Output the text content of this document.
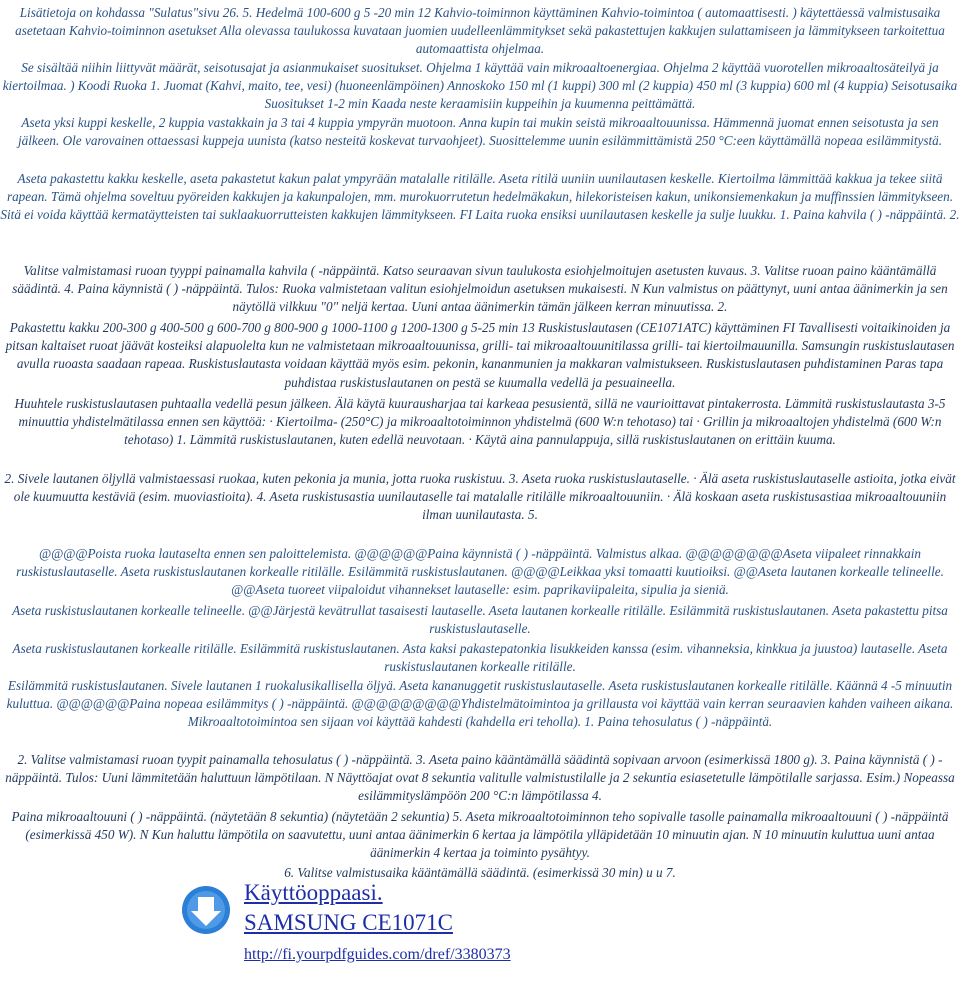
Lisätietoja on kohdassa "Sulatus"sivu 26. 5. Hedelmä 100-600 g 5 -20 min 12 Kahvio-toiminnon käyttäminen Kahvio-toimintoa ( automaattisesti. ) käytettäessä valmistusaika asetetaan Kahvio-toiminnon asetukset Alla olevassa taulukossa kuvataan juomien uudelleenlämmitykset sekä pakastettujen kakkujen sulattamiseen ja lämmitykseen tarkoitettua automaattista ohjelmaa.
Se sisältää niihin liittyvät määrät, seisotusajat ja asianmukaiset suositukset. Ohjelma 1 käyttää vain mikroaaltoenergiaa. Ohjelma 2 käyttää vuorotellen mikroaaltosäteilyä ja kiertoilmaa. ) Koodi Ruoka 1. Juomat (Kahvi, maito, tee, vesi) (huoneenlämpöinen) Annoskoko 150 ml (1 kuppi) 300 ml (2 kuppia) 450 ml (3 kuppia) 600 ml (4 kuppia) Seisotusaika Suositukset 1-2 min Kaada neste keraamisiin kuppeihin ja kuumenna peittämättä.
Aseta yksi kuppi keskelle, 2 kuppia vastakkain ja 3 tai 4 kuppia ympyrän muotoon. Anna kupin tai mukin seistä mikroaaltouunissa. Hämmennä juomat ennen seisotusta ja sen jälkeen. Ole varovainen ottaessasi kuppeja uunista (katso nesteitä koskevat turvaohjeet). Suosittelemme uunin esilämmittämistä 250 °C:een käyttämällä nopeaa esilämmitystä.
Aseta pakastettu kakku keskelle, aseta pakastetut kakun palat ympyrään matalalle ritilälle. Aseta ritilä uuniin uunilautasen keskelle. Kiertoilma lämmittää kakkua ja tekee siitä rapean. Tämä ohjelma soveltuu pyöreiden kakkujen ja kakunpalojen, mm. murokuorrutetun hedelmäkakun, hilekoristeisen kakun, unikonsiemenkakun ja muffinssien lämmitykseen. Sitä ei voida käyttää kermatäytteisten tai suklaakuorrutteisten kakkujen lämmitykseen. FI Laita ruoka ensiksi uunilautasen keskelle ja sulje luukku. 1. Paina kahvila ( ) -näppäintä. 2.
Valitse valmistamasi ruoan tyyppi painamalla kahvila ( -näppäintä. Katso seuraavan sivun taulukosta esiohjelmoitujen asetusten kuvaus. 3. Valitse ruoan paino kääntämällä säädintä. 4. Paina käynnistä ( ) -näppäintä. Tulos: Ruoka valmistetaan valitun esiohjelmoidun asetuksen mukaisesti. N Kun valmistus on päättynyt, uuni antaa äänimerkin ja sen näytöllä vilkkuu "0" neljä kertaa. Uuni antaa äänimerkin tämän jälkeen kerran minuutissa. 2.
Pakastettu kakku 200-300 g 400-500 g 600-700 g 800-900 g 1000-1100 g 1200-1300 g 5-25 min 13 Ruskistuslautasen (CE1071ATC) käyttäminen FI Tavallisesti voitaikinoiden ja pitsan kaltaiset ruoat jäävät kosteiksi alapuolelta kun ne valmistetaan mikroaaltouunissa, grilli- tai mikroaaltouunitilassa grilli- tai kiertoilmauunilla. Samsungin ruskistuslautasen avulla ruoasta saadaan rapeaa. Ruskistuslautasta voidaan käyttää myös esim. pekonin, kananmunien ja makkaran valmistukseen. Ruskistuslautasen puhdistaminen Paras tapa puhdistaa ruskistuslautanen on pestä se kuumalla vedellä ja pesuaineella.
Huuhtele ruskistuslautasen puhtaalla vedellä pesun jälkeen. Älä käytä kuurausharjaa tai karkeaa pesusientä, sillä ne vaurioittavat pintakerrosta. Lämmitä ruskistuslautasta 3-5 minuuttia yhdistelmätilassa ennen sen käyttöä: · Kiertoilma- (250°C) ja mikroaaltotoiminnon yhdistelmä (600 W:n tehotaso) tai · Grillin ja mikroaaltojen yhdistelmä (600 W:n tehotaso) 1. Lämmitä ruskistuslautanen, kuten edellä neuvotaan. · Käytä aina pannulappuja, sillä ruskistuslautanen on erittäin kuuma.
2. Sivele lautanen öljyllä valmistaessasi ruokaa, kuten pekonia ja munia, jotta ruoka ruskistuu. 3. Aseta ruoka ruskistuslautaselle. · Älä aseta ruskistuslautaselle astioita, jotka eivät ole kuumuutta kestäviä (esim. muoviastioita). 4. Aseta ruskistusastia uunilautaselle tai matalalle ritilälle mikroaaltouuniin. · Älä koskaan aseta ruskistusastiaa mikroaaltouuniin ilman uunilautasta. 5.
@@@@Poista ruoka lautaselta ennen sen paloittelemista. @@@@@@Paina käynnistä ( ) -näppäintä. Valmistus alkaa. @@@@@@@@Aseta viipaleet rinnakkain ruskistuslautaselle. Aseta ruskistuslautanen korkealle ritilälle. Esilämmitä ruskistuslautanen. @@@@Leikkaa yksi tomaatti kuutioiksi. @@Aseta lautanen korkealle telineelle. @@Aseta tuoreet viipaloidut vihannekset lautaselle: esim. paprikaviipaleita, sipulia ja sieniä.
Aseta ruskistuslautanen korkealle telineelle. @@Järjestä kevätrullat tasaisesti lautaselle. Aseta lautanen korkealle ritilälle. Esilämmitä ruskistuslautanen. Aseta pakastettu pitsa ruskistuslautaselle.
Aseta ruskistuslautanen korkealle ritilälle. Esilämmitä ruskistuslautanen. Asta kaksi pakastepatonkia lisukkeiden kanssa (esim. vihanneksia, kinkkua ja juustoa) lautaselle. Aseta ruskistuslautanen korkealle ritilälle.
Esilämmitä ruskistuslautanen. Sivele lautanen 1 ruokalusikallisella öljyä. Aseta kananuggetit ruskistuslautaselle. Aseta ruskistuslautanen korkealle ritilälle. Käännä 4 -5 minuutin kuluttua. @@@@@@Paina nopeaa esilämmitys ( ) -näppäintä. @@@@@@@@@Yhdistelmätoimintoa ja grillausta voi käyttää vain kerran seuraavien kahden vaiheen aikana. Mikroaaltotoimintoa sen sijaan voi käyttää kahdesti (kahdella eri teholla). 1. Paina tehosulatus ( ) -näppäintä.
2. Valitse valmistamasi ruoan tyypit painamalla tehosulatus ( ) -näppäintä. 3. Aseta paino kääntämällä säädintä sopivaan arvoon (esimerkissä 1800 g). 3. Paina käynnistä ( ) -näppäintä. Tulos: Uuni lämmitetään haluttuun lämpötilaan. N Näyttöajat ovat 8 sekuntia valitulle valmistustilalle ja 2 sekuntia esiasetetulle lämpötilalle sarjassa. Esim.) Nopeassa esilämmityslämpöön 200 °C:n lämpötilassa 4.
Paina mikroaaltouuni ( ) -näppäintä. (näytetään 8 sekuntia) (näytetään 2 sekuntia) 5. Aseta mikroaaltotoiminnon teho sopivalle tasolle painamalla mikroaaltouuni ( ) -näppäintä (esimerkissä 450 W). N Kun haluttu lämpötila on saavutettu, uuni antaa äänimerkin 6 kertaa ja lämpötila ylläpidetään 10 minuutin ajan. N 10 minuutin kuluttua uuni antaa äänimerkin 4 kertaa ja toiminto pysähtyy.
6. Valitse valmistusaika kääntämällä säädintä. (esimerkissä 30 min) u u 7.
Käyttöoppaasi.
SAMSUNG CE1071C
http://fi.yourpdfguides.com/dref/3380373
